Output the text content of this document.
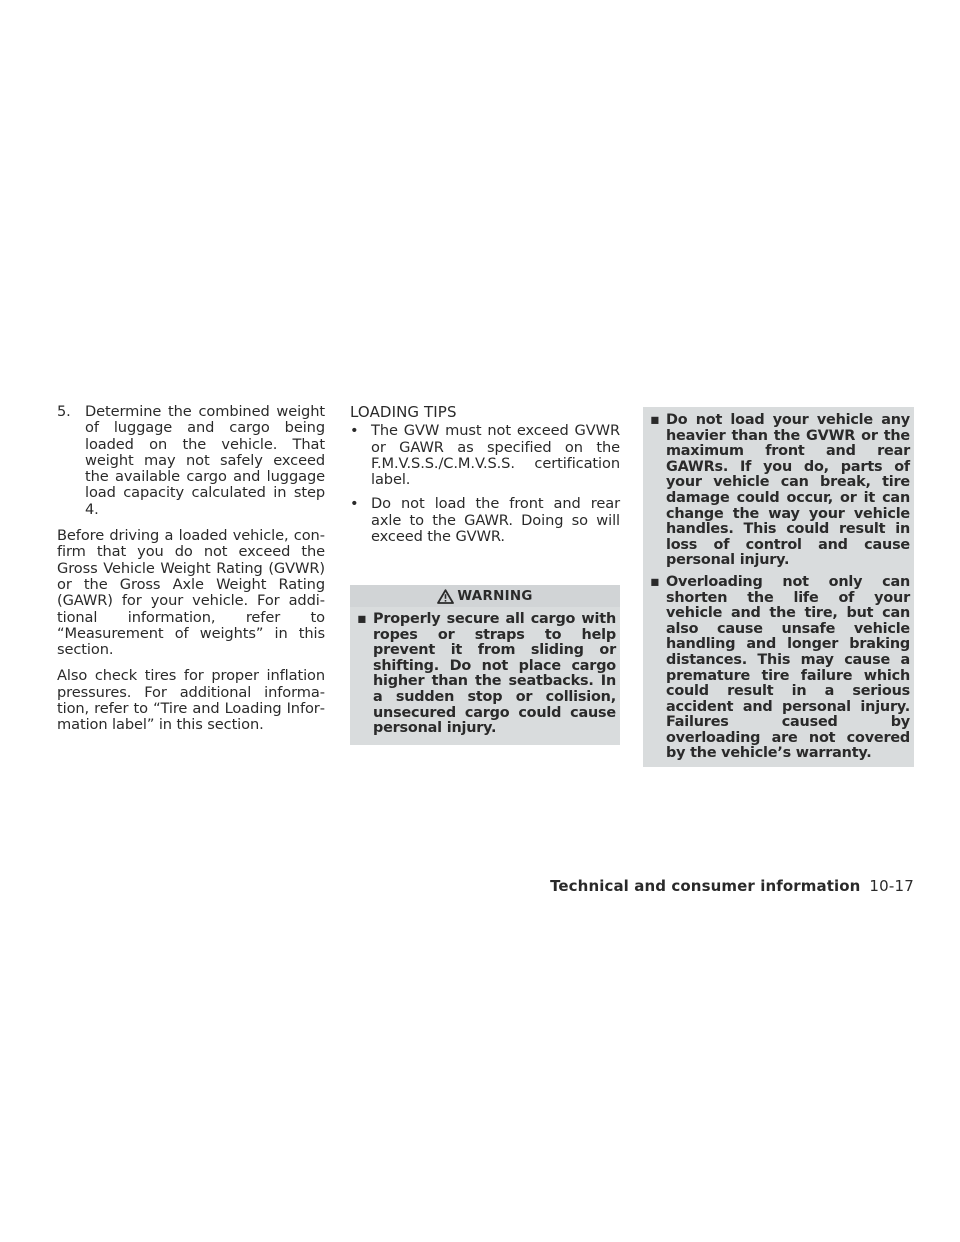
5. Determine the combined weight of luggage and cargo being loaded on the vehicle. That weight may not safely exceed the available cargo and luggage load capacity calculated in step 4.

Before driving a loaded vehicle, confirm that you do not exceed the Gross Vehicle Weight Rating (GVWR) or the Gross Axle Weight Rating (GAWR) for your vehicle. For additional information, refer to “Measurement of weights” in this section.

Also check tires for proper inflation pressures. For additional information, refer to “Tire and Loading Information label” in this section.

LOADING TIPS
• The GVW must not exceed GVWR or GAWR as specified on the F.M.V.S.S./C.M.V.S.S. certification label.
• Do not load the front and rear axle to the GAWR. Doing so will exceed the GVWR.
WARNING
▪ Properly secure all cargo with ropes or straps to help prevent it from sliding or shifting. Do not place cargo higher than the seatbacks. In a sudden stop or collision, unsecured cargo could cause personal injury.
▪ Do not load your vehicle any heavier than the GVWR or the maximum front and rear GAWRs. If you do, parts of your vehicle can break, tire damage could occur, or it can change the way your vehicle handles. This could result in loss of control and cause personal injury.
▪ Overloading not only can shorten the life of your vehicle and the tire, but can also cause unsafe vehicle handling and longer braking distances. This may cause a premature tire failure which could result in a serious accident and personal injury. Failures caused by overloading are not covered by the vehicle’s warranty.
Technical and consumer information 10-17
